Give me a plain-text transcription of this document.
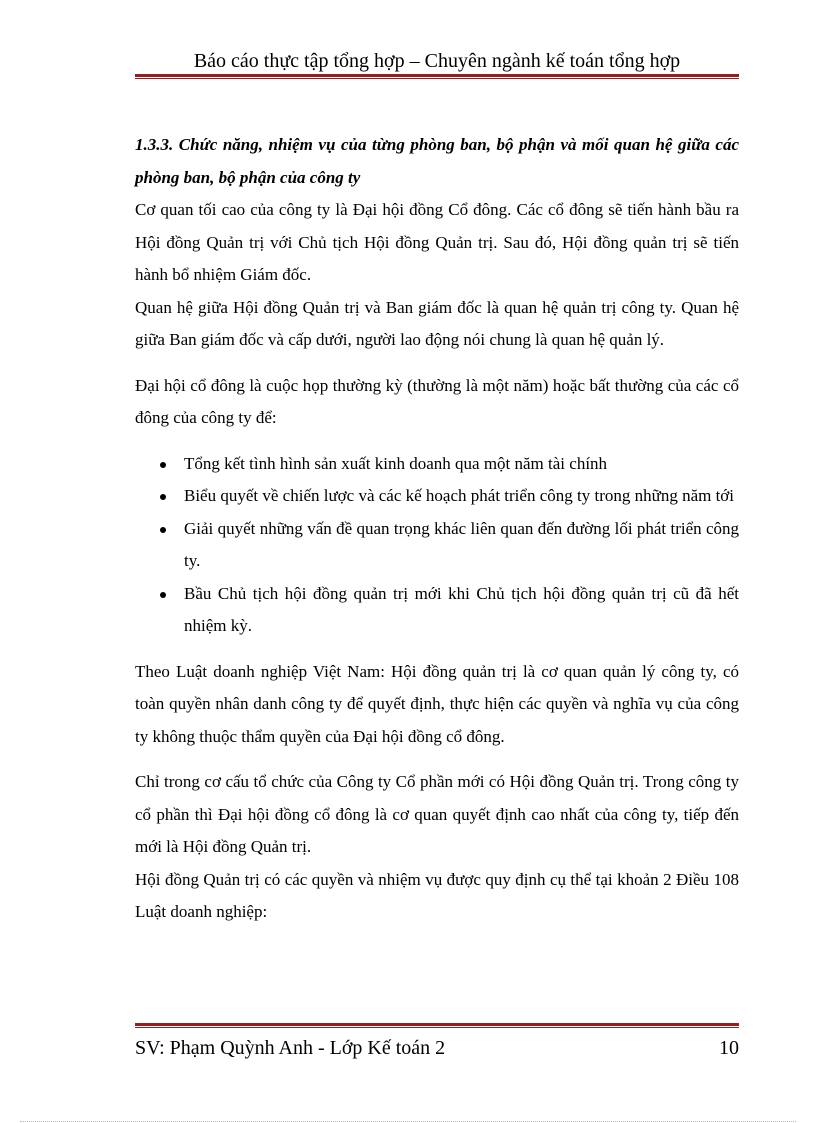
Báo cáo thực tập tổng hợp – Chuyên ngành kế toán tổng hợp

1.3.3. Chức năng, nhiệm vụ của từng phòng ban, bộ phận và mối quan hệ giữa các phòng ban, bộ phận của công ty

Cơ quan tối cao của công ty là Đại hội đồng Cổ đông. Các cổ đông sẽ tiến hành bầu ra Hội đồng Quản trị với Chủ tịch Hội đồng Quản trị. Sau đó, Hội đồng quản trị sẽ tiến hành bổ nhiệm Giám đốc.

Quan hệ giữa Hội đồng Quản trị và Ban giám đốc là quan hệ quản trị công ty. Quan hệ giữa Ban giám đốc và cấp dưới, người lao động nói chung là quan hệ quản lý.

Đại hội cổ đông là cuộc họp thường kỳ (thường là một năm) hoặc bất thường của các cổ đông của công ty để:

Tổng kết tình hình sản xuất kinh doanh qua một năm tài chính
Biểu quyết về chiến lược và các kế hoạch phát triển công ty trong những năm tới
Giải quyết những vấn đề quan trọng khác liên quan đến đường lối phát triển công ty.
Bầu Chủ tịch hội đồng quản trị mới khi Chủ tịch hội đồng quản trị cũ đã hết nhiệm kỳ.

Theo Luật doanh nghiệp Việt Nam: Hội đồng quản trị là cơ quan quản lý công ty, có toàn quyền nhân danh công ty để quyết định, thực hiện các quyền và nghĩa vụ của công ty không thuộc thẩm quyền của Đại hội đồng cổ đông.

Chỉ trong cơ cấu tổ chức của Công ty Cổ phần mới có Hội đồng Quản trị. Trong công ty cổ phần thì Đại hội đồng cổ đông là cơ quan quyết định cao nhất của công ty, tiếp đến mới là Hội đồng Quản trị.

Hội đồng Quản trị có các quyền và nhiệm vụ được quy định cụ thể tại khoản 2 Điều 108 Luật doanh nghiệp:

SV: Phạm Quỳnh Anh - Lớp Kế toán 2	10
